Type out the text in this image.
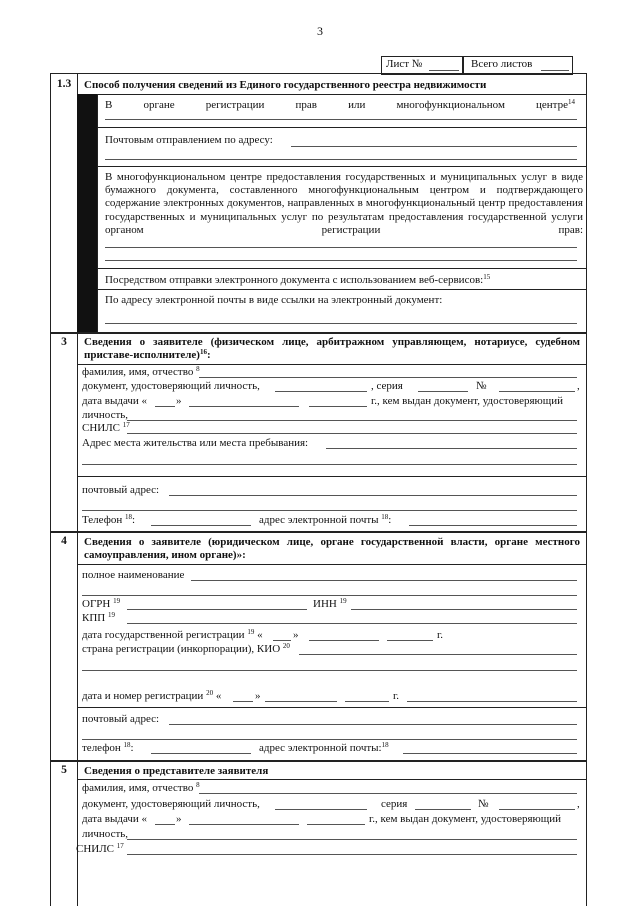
3
Лист №	Всего листов
1.3	Способ получения сведений из Единого государственного реестра недвижимости
В	органе	регистрации	прав	или	многофункциональном	центре$^{14}$
Почтовым отправлением по адресу:
В многофункциональном центре предоставления государственных и муниципальных услуг в виде бумажного документа, составленного многофункциональным центром и подтверждающего содержание электронных документов, направленных в многофункциональный центр предоставления государственных и муниципальных услуг по результатам предоставления государственной услуги органом регистрации прав:
Посредством отправки электронного документа с использованием веб-сервисов:$^{15}$
По адресу электронной почты в виде ссылки на электронный документ:
3	Сведения о заявителе (физическом лице, арбитражном управляющем, нотариусе, судебном
приставе-исполнителе)$^{16}$:
фамилия, имя, отчество $^8$
документ, удостоверяющий личность,	, серия	№	,
дата выдачи «	»	г., кем выдан документ, удостоверяющий
личность,
СНИЛС $^{17}$
Адрес места жительства или места пребывания:
почтовый адрес:
Телефон $^{18}$:	адрес электронной почты $^{18}$:
4	Сведения о заявителе (юридическом лице, органе государственной власти, органе местного
самоуправления, ином органе)»:
полное наименование
ОГРН $^{19}$	ИНН $^{19}$
КПП $^{19}$
дата государственной регистрации $^{19}$ «	»	г.
страна регистрации (инкорпорации), КИО $^{20}$
дата и номер регистрации $^{20}$ «	»	г.
почтовый адрес:
телефон $^{18}$:	адрес электронной почты:$^{18}$
5	Сведения о представителе заявителя
фамилия, имя, отчество $^8$
документ, удостоверяющий личность,	серия	№	,
дата выдачи «	»	г., кем выдан документ, удостоверяющий
личность,
СНИЛС $^{17}$
